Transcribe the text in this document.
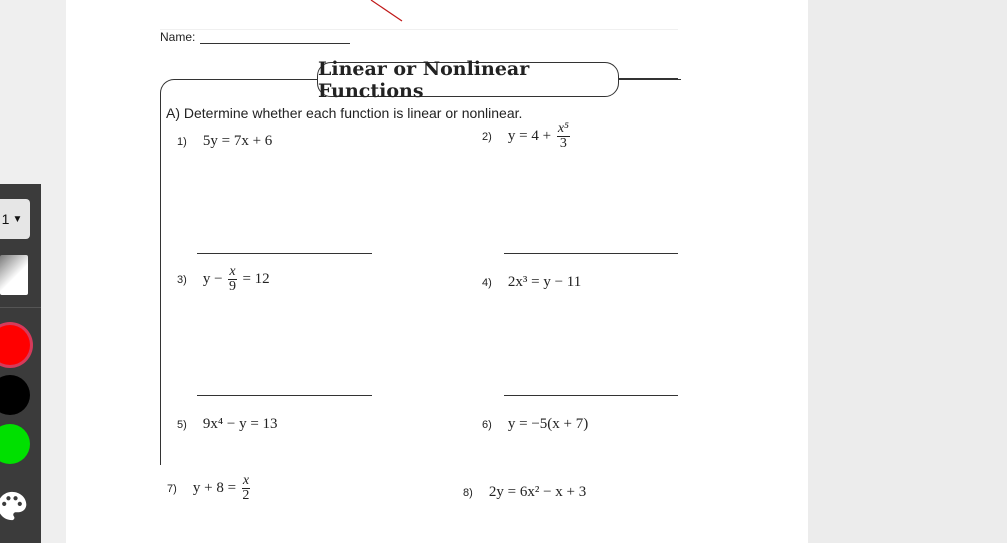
Name:
Linear or Nonlinear Functions
A) Determine whether each function is linear or nonlinear.
1) 5y = 7x + 6	2) $y = 4 + \frac{\text{x⁵}}{3}$
3) $y - \frac{x}{9} = 12$	4) 2x³ = y − 11
5) 9x⁴ − y = 13	6) y = −5(x + 7)
7) $y + 8 = \frac{x}{2}$	8) 2y = 6x² − x + 3
1 ▼
